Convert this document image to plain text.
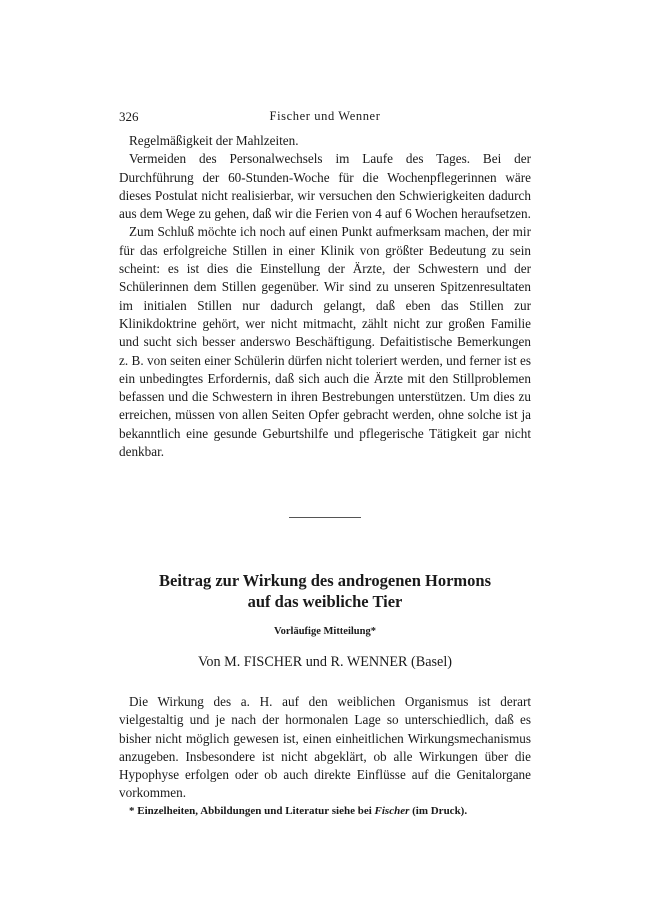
326	Fischer und Wenner

Regelmäßigkeit der Mahlzeiten.

Vermeiden des Personalwechsels im Laufe des Tages. Bei der Durchführung der 60-Stunden-Woche für die Wochenpflegerinnen wäre dieses Postulat nicht realisierbar, wir versuchen den Schwierigkeiten dadurch aus dem Wege zu gehen, daß wir die Ferien von 4 auf 6 Wochen heraufsetzen.

Zum Schluß möchte ich noch auf einen Punkt aufmerksam machen, der mir für das erfolgreiche Stillen in einer Klinik von größter Bedeutung zu sein scheint: es ist dies die Einstellung der Ärzte, der Schwestern und der Schülerinnen dem Stillen gegenüber. Wir sind zu unseren Spitzenresultaten im initialen Stillen nur dadurch gelangt, daß eben das Stillen zur Klinikdoktrine gehört, wer nicht mitmacht, zählt nicht zur großen Familie und sucht sich besser anderswo Beschäftigung. Defaitistische Bemerkungen z. B. von seiten einer Schülerin dürfen nicht toleriert werden, und ferner ist es ein unbedingtes Erfordernis, daß sich auch die Ärzte mit den Stillproblemen befassen und die Schwestern in ihren Bestrebungen unterstützen. Um dies zu erreichen, müssen von allen Seiten Opfer gebracht werden, ohne solche ist ja bekanntlich eine gesunde Geburtshilfe und pflegerische Tätigkeit gar nicht denkbar.

Beitrag zur Wirkung des androgenen Hormons
auf das weibliche Tier
Vorläufige Mitteilung*
Von M. FISCHER und R. WENNER (Basel)

Die Wirkung des a. H. auf den weiblichen Organismus ist derart vielgestaltig und je nach der hormonalen Lage so unterschiedlich, daß es bisher nicht möglich gewesen ist, einen einheitlichen Wirkungsmechanismus anzugeben. Insbesondere ist nicht abgeklärt, ob alle Wirkungen über die Hypophyse erfolgen oder ob auch direkte Einflüsse auf die Genitalorgane vorkommen.

* Einzelheiten, Abbildungen und Literatur siehe bei Fischer (im Druck).
